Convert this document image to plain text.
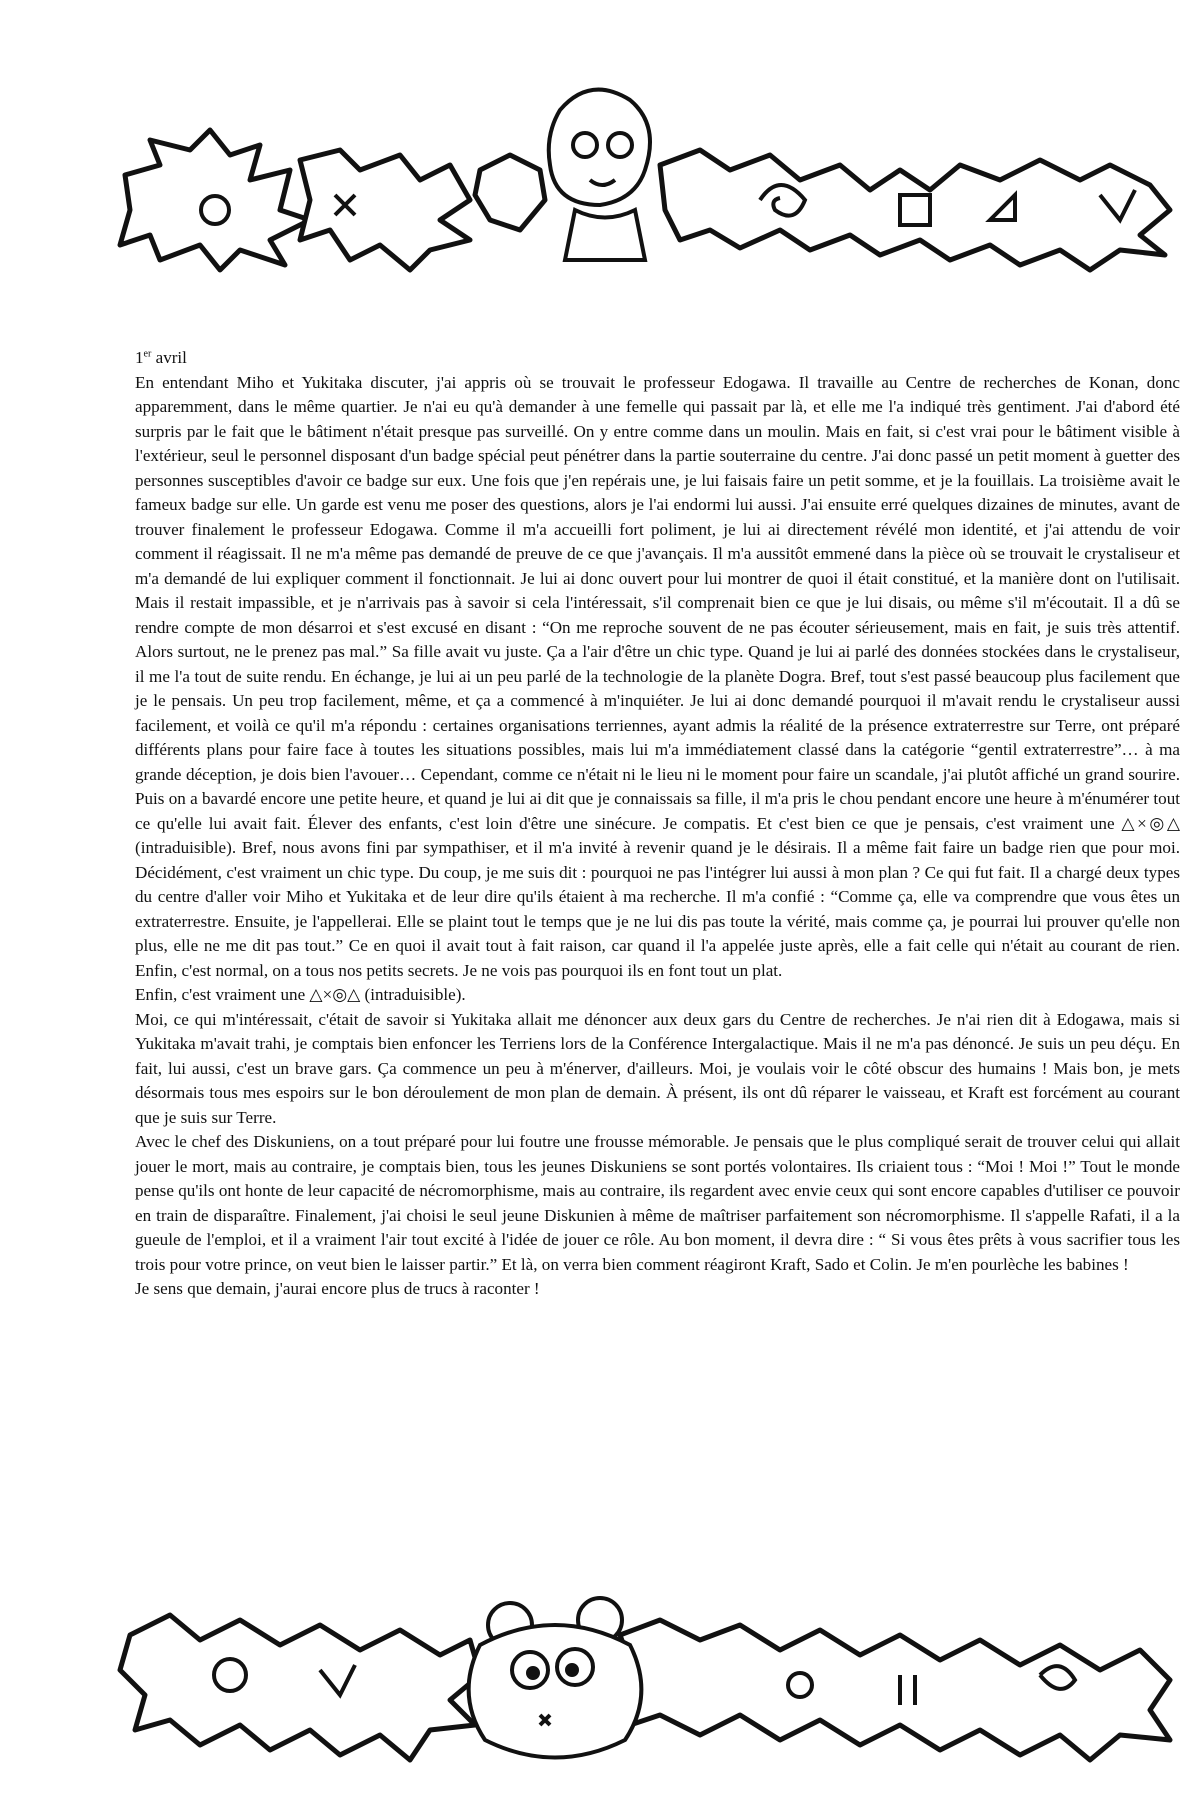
1er avril

En entendant Miho et Yukitaka discuter, j'ai appris où se trouvait le professeur Edogawa. Il travaille au Centre de recherches de Konan, donc apparemment, dans le même quartier. Je n'ai eu qu'à demander à une femelle qui passait par là, et elle me l'a indiqué très gentiment. J'ai d'abord été surpris par le fait que le bâtiment n'était presque pas surveillé. On y entre comme dans un moulin. Mais en fait, si c'est vrai pour le bâtiment visible à l'extérieur, seul le personnel disposant d'un badge spécial peut pénétrer dans la partie souterraine du centre. J'ai donc passé un petit moment à guetter des personnes susceptibles d'avoir ce badge sur eux. Une fois que j'en repérais une, je lui faisais faire un petit somme, et je la fouillais. La troisième avait le fameux badge sur elle. Un garde est venu me poser des questions, alors je l'ai endormi lui aussi. J'ai ensuite erré quelques dizaines de minutes, avant de trouver finalement le professeur Edogawa. Comme il m'a accueilli fort poliment, je lui ai directement révélé mon identité, et j'ai attendu de voir comment il réagissait. Il ne m'a même pas demandé de preuve de ce que j'avançais. Il m'a aussitôt emmené dans la pièce où se trouvait le crystaliseur et m'a demandé de lui expliquer comment il fonctionnait. Je lui ai donc ouvert pour lui montrer de quoi il était constitué, et la manière dont on l'utilisait. Mais il restait impassible, et je n'arrivais pas à savoir si cela l'intéressait, s'il comprenait bien ce que je lui disais, ou même s'il m'écoutait. Il a dû se rendre compte de mon désarroi et s'est excusé en disant : “On me reproche souvent de ne pas écouter sérieusement, mais en fait, je suis très attentif. Alors surtout, ne le prenez pas mal.” Sa fille avait vu juste. Ça a l'air d'être un chic type. Quand je lui ai parlé des données stockées dans le crystaliseur, il me l'a tout de suite rendu. En échange, je lui ai un peu parlé de la technologie de la planète Dogra. Bref, tout s'est passé beaucoup plus facilement que je le pensais. Un peu trop facilement, même, et ça a commencé à m'inquiéter. Je lui ai donc demandé pourquoi il m'avait rendu le crystaliseur aussi facilement, et voilà ce qu'il m'a répondu : certaines organisations terriennes, ayant admis la réalité de la présence extraterrestre sur Terre, ont préparé différents plans pour faire face à toutes les situations possibles, mais lui m'a immédiatement classé dans la catégorie “gentil extraterrestre”… à ma grande déception, je dois bien l'avouer… Cependant, comme ce n'était ni le lieu ni le moment pour faire un scandale, j'ai plutôt affiché un grand sourire. Puis on a bavardé encore une petite heure, et quand je lui ai dit que je connaissais sa fille, il m'a pris le chou pendant encore une heure à m'énumérer tout ce qu'elle lui avait fait. Élever des enfants, c'est loin d'être une sinécure. Je compatis. Et c'est bien ce que je pensais, c'est vraiment une △×◎△ (intraduisible). Bref, nous avons fini par sympathiser, et il m'a invité à revenir quand je le désirais. Il a même fait faire un badge rien que pour moi. Décidément, c'est vraiment un chic type. Du coup, je me suis dit : pourquoi ne pas l'intégrer lui aussi à mon plan ? Ce qui fut fait. Il a chargé deux types du centre d'aller voir Miho et Yukitaka et de leur dire qu'ils étaient à ma recherche. Il m'a confié : “Comme ça, elle va comprendre que vous êtes un extraterrestre. Ensuite, je l'appellerai. Elle se plaint tout le temps que je ne lui dis pas toute la vérité, mais comme ça, je pourrai lui prouver qu'elle non plus, elle ne me dit pas tout.” Ce en quoi il avait tout à fait raison, car quand il l'a appelée juste après, elle a fait celle qui n'était au courant de rien. Enfin, c'est normal, on a tous nos petits secrets. Je ne vois pas pourquoi ils en font tout un plat.

Enfin, c'est vraiment une △×◎△ (intraduisible).

Moi, ce qui m'intéressait, c'était de savoir si Yukitaka allait me dénoncer aux deux gars du Centre de recherches. Je n'ai rien dit à Edogawa, mais si Yukitaka m'avait trahi, je comptais bien enfoncer les Terriens lors de la Conférence Intergalactique. Mais il ne m'a pas dénoncé. Je suis un peu déçu. En fait, lui aussi, c'est un brave gars. Ça commence un peu à m'énerver, d'ailleurs. Moi, je voulais voir le côté obscur des humains ! Mais bon, je mets désormais tous mes espoirs sur le bon déroulement de mon plan de demain. À présent, ils ont dû réparer le vaisseau, et Kraft est forcément au courant que je suis sur Terre.

Avec le chef des Diskuniens, on a tout préparé pour lui foutre une frousse mémorable. Je pensais que le plus compliqué serait de trouver celui qui allait jouer le mort, mais au contraire, je comptais bien, tous les jeunes Diskuniens se sont portés volontaires. Ils criaient tous : “Moi ! Moi !” Tout le monde pense qu'ils ont honte de leur capacité de nécromorphisme, mais au contraire, ils regardent avec envie ceux qui sont encore capables d'utiliser ce pouvoir en train de disparaître. Finalement, j'ai choisi le seul jeune Diskunien à même de maîtriser parfaitement son nécromorphisme. Il s'appelle Rafati, il a la gueule de l'emploi, et il a vraiment l'air tout excité à l'idée de jouer ce rôle. Au bon moment, il devra dire : “ Si vous êtes prêts à vous sacrifier tous les trois pour votre prince, on veut bien le laisser partir.” Et là, on verra bien comment réagiront Kraft, Sado et Colin. Je m'en pourlèche les babines !

Je sens que demain, j'aurai encore plus de trucs à raconter !
